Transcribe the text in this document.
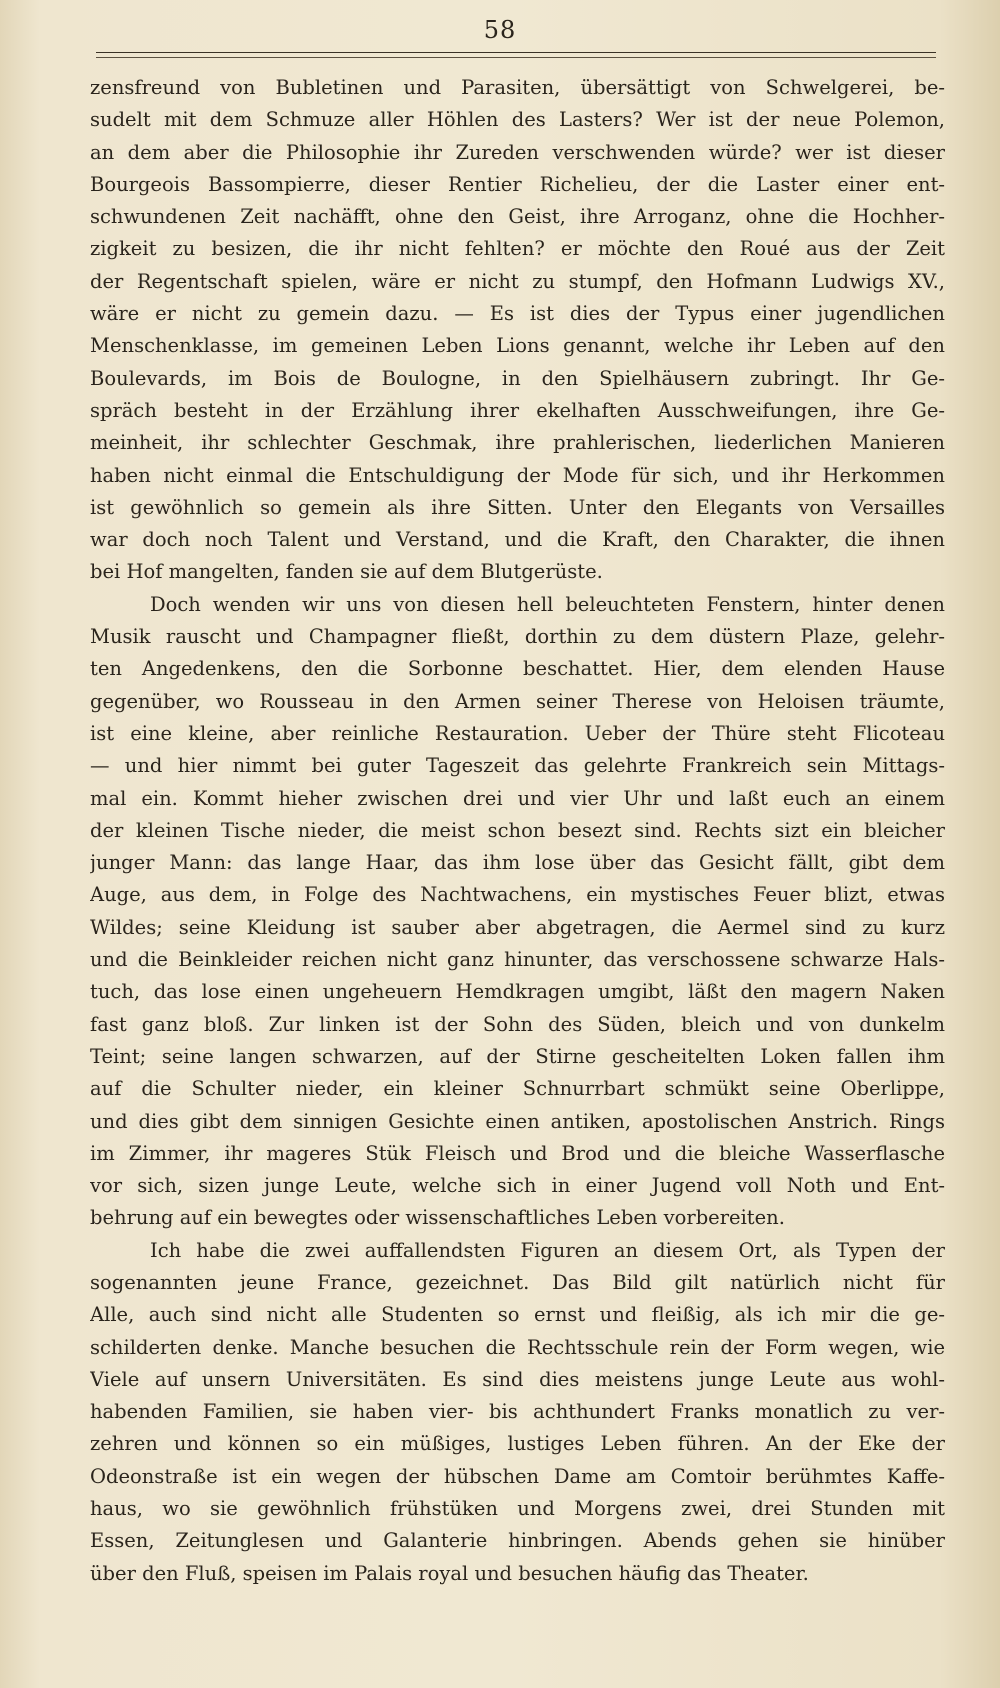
58
zensfreund von Bubletinen und Parasiten, übersättigt von Schwelgerei, be-
sudelt mit dem Schmuze aller Höhlen des Lasters? Wer ist der neue Polemon,
an dem aber die Philosophie ihr Zureden verschwenden würde? wer ist dieser
Bourgeois Bassompierre, dieser Rentier Richelieu, der die Laster einer ent-
schwundenen Zeit nachäfft, ohne den Geist, ihre Arroganz, ohne die Hochher-
zigkeit zu besizen, die ihr nicht fehlten? er möchte den Roué aus der Zeit
der Regentschaft spielen, wäre er nicht zu stumpf, den Hofmann Ludwigs XV.,
wäre er nicht zu gemein dazu. — Es ist dies der Typus einer jugendlichen
Menschenklasse, im gemeinen Leben Lions genannt, welche ihr Leben auf den
Boulevards, im Bois de Boulogne, in den Spielhäusern zubringt. Ihr Ge-
spräch besteht in der Erzählung ihrer ekelhaften Ausschweifungen, ihre Ge-
meinheit, ihr schlechter Geschmak, ihre prahlerischen, liederlichen Manieren
haben nicht einmal die Entschuldigung der Mode für sich, und ihr Herkommen
ist gewöhnlich so gemein als ihre Sitten. Unter den Elegants von Versailles
war doch noch Talent und Verstand, und die Kraft, den Charakter, die ihnen
bei Hof mangelten, fanden sie auf dem Blutgerüste.
Doch wenden wir uns von diesen hell beleuchteten Fenstern, hinter denen
Musik rauscht und Champagner fließt, dorthin zu dem düstern Plaze, gelehr-
ten Angedenkens, den die Sorbonne beschattet. Hier, dem elenden Hause
gegenüber, wo Rousseau in den Armen seiner Therese von Heloisen träumte,
ist eine kleine, aber reinliche Restauration. Ueber der Thüre steht Flicoteau
— und hier nimmt bei guter Tageszeit das gelehrte Frankreich sein Mittags-
mal ein. Kommt hieher zwischen drei und vier Uhr und laßt euch an einem
der kleinen Tische nieder, die meist schon besezt sind. Rechts sizt ein bleicher
junger Mann: das lange Haar, das ihm lose über das Gesicht fällt, gibt dem
Auge, aus dem, in Folge des Nachtwachens, ein mystisches Feuer blizt, etwas
Wildes; seine Kleidung ist sauber aber abgetragen, die Aermel sind zu kurz
und die Beinkleider reichen nicht ganz hinunter, das verschossene schwarze Hals-
tuch, das lose einen ungeheuern Hemdkragen umgibt, läßt den magern Naken
fast ganz bloß. Zur linken ist der Sohn des Süden, bleich und von dunkelm
Teint; seine langen schwarzen, auf der Stirne gescheitelten Loken fallen ihm
auf die Schulter nieder, ein kleiner Schnurrbart schmükt seine Oberlippe,
und dies gibt dem sinnigen Gesichte einen antiken, apostolischen Anstrich. Rings
im Zimmer, ihr mageres Stük Fleisch und Brod und die bleiche Wasserflasche
vor sich, sizen junge Leute, welche sich in einer Jugend voll Noth und Ent-
behrung auf ein bewegtes oder wissenschaftliches Leben vorbereiten.
Ich habe die zwei auffallendsten Figuren an diesem Ort, als Typen der
sogenannten jeune France, gezeichnet. Das Bild gilt natürlich nicht für
Alle, auch sind nicht alle Studenten so ernst und fleißig, als ich mir die ge-
schilderten denke. Manche besuchen die Rechtsschule rein der Form wegen, wie
Viele auf unsern Universitäten. Es sind dies meistens junge Leute aus wohl-
habenden Familien, sie haben vier- bis achthundert Franks monatlich zu ver-
zehren und können so ein müßiges, lustiges Leben führen. An der Eke der
Odeonstraße ist ein wegen der hübschen Dame am Comtoir berühmtes Kaffe-
haus, wo sie gewöhnlich frühstüken und Morgens zwei, drei Stunden mit
Essen, Zeitunglesen und Galanterie hinbringen. Abends gehen sie hinüber
über den Fluß, speisen im Palais royal und besuchen häufig das Theater.
